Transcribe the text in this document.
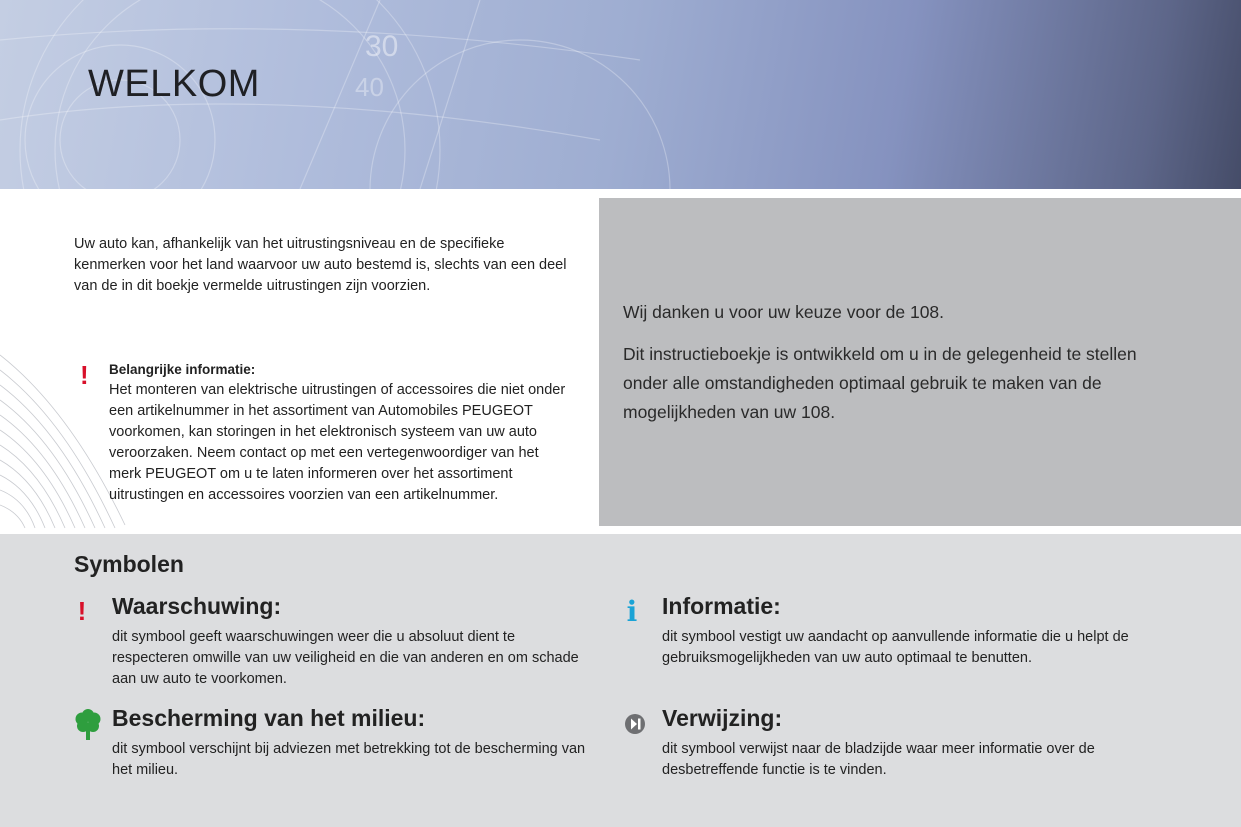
30
40
WELKOM

Uw auto kan, afhankelijk van het uitrustingsniveau en de specifieke kenmerken voor het land waarvoor uw auto bestemd is, slechts van een deel van de in dit boekje vermelde uitrustingen zijn voorzien.

! Belangrijke informatie:

Het monteren van elektrische uitrustingen of accessoires die niet onder een artikelnummer in het assortiment van Automobiles PEUGEOT voorkomen, kan storingen in het elektronisch systeem van uw auto veroorzaken. Neem contact op met een vertegenwoordiger van het merk PEUGEOT om u te laten informeren over het assortiment uitrustingen en accessoires voorzien van een artikelnummer.

Wij danken u voor uw keuze voor de 108.

Dit instructieboekje is ontwikkeld om u in de gelegenheid te stellen onder alle omstandigheden optimaal gebruik te maken van de mogelijkheden van uw 108.

Symbolen
! Waarschuwing:

dit symbool geeft waarschuwingen weer die u absoluut dient te respecteren omwille van uw veiligheid en die van anderen en om schade aan uw auto te voorkomen.

i Informatie:

dit symbool vestigt uw aandacht op aanvullende informatie die u helpt de gebruiksmogelijkheden van uw auto optimaal te benutten.

Bescherming van het milieu:

dit symbool verschijnt bij adviezen met betrekking tot de bescherming van het milieu.

Verwijzing:

dit symbool verwijst naar de bladzijde waar meer informatie over de desbetreffende functie is te vinden.
